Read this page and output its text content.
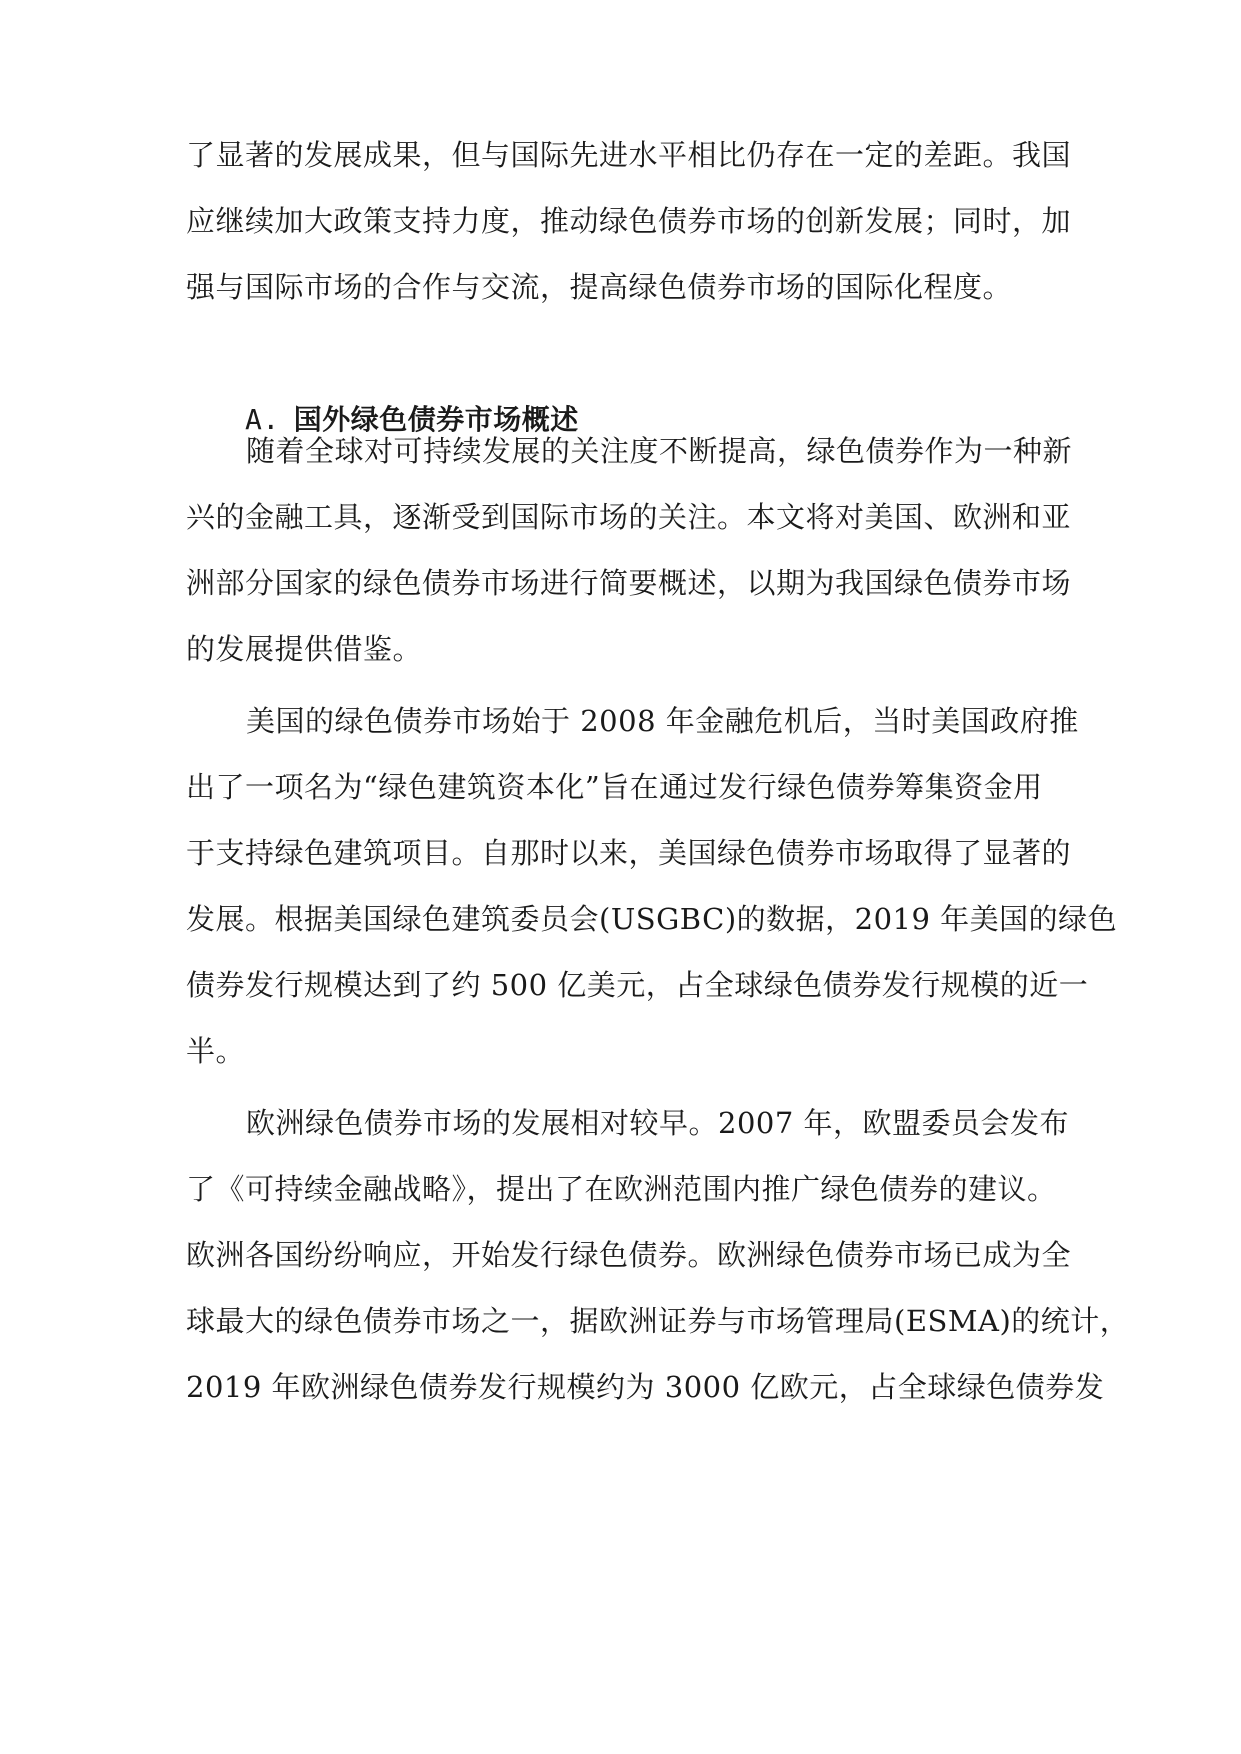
了显著的发展成果，但与国际先进水平相比仍存在一定的差距。我国
应继续加大政策支持力度，推动绿色债券市场的创新发展；同时，加
强与国际市场的合作与交流，提高绿色债券市场的国际化程度。
A. 国外绿色债券市场概述
随着全球对可持续发展的关注度不断提高，绿色债券作为一种新
兴的金融工具，逐渐受到国际市场的关注。本文将对美国、欧洲和亚
洲部分国家的绿色债券市场进行简要概述，以期为我国绿色债券市场
的发展提供借鉴。
美国的绿色债券市场始于 2008 年金融危机后，当时美国政府推
出了一项名为“绿色建筑资本化”旨在通过发行绿色债券筹集资金用
于支持绿色建筑项目。自那时以来，美国绿色债券市场取得了显著的
发展。根据美国绿色建筑委员会(USGBC)的数据，2019 年美国的绿色
债券发行规模达到了约 500 亿美元，占全球绿色债券发行规模的近一
半。
欧洲绿色债券市场的发展相对较早。2007 年，欧盟委员会发布
了《可持续金融战略》，提出了在欧洲范围内推广绿色债券的建议。
欧洲各国纷纷响应，开始发行绿色债券。欧洲绿色债券市场已成为全
球最大的绿色债券市场之一，据欧洲证券与市场管理局(ESMA)的统计，
2019 年欧洲绿色债券发行规模约为 3000 亿欧元，占全球绿色债券发
